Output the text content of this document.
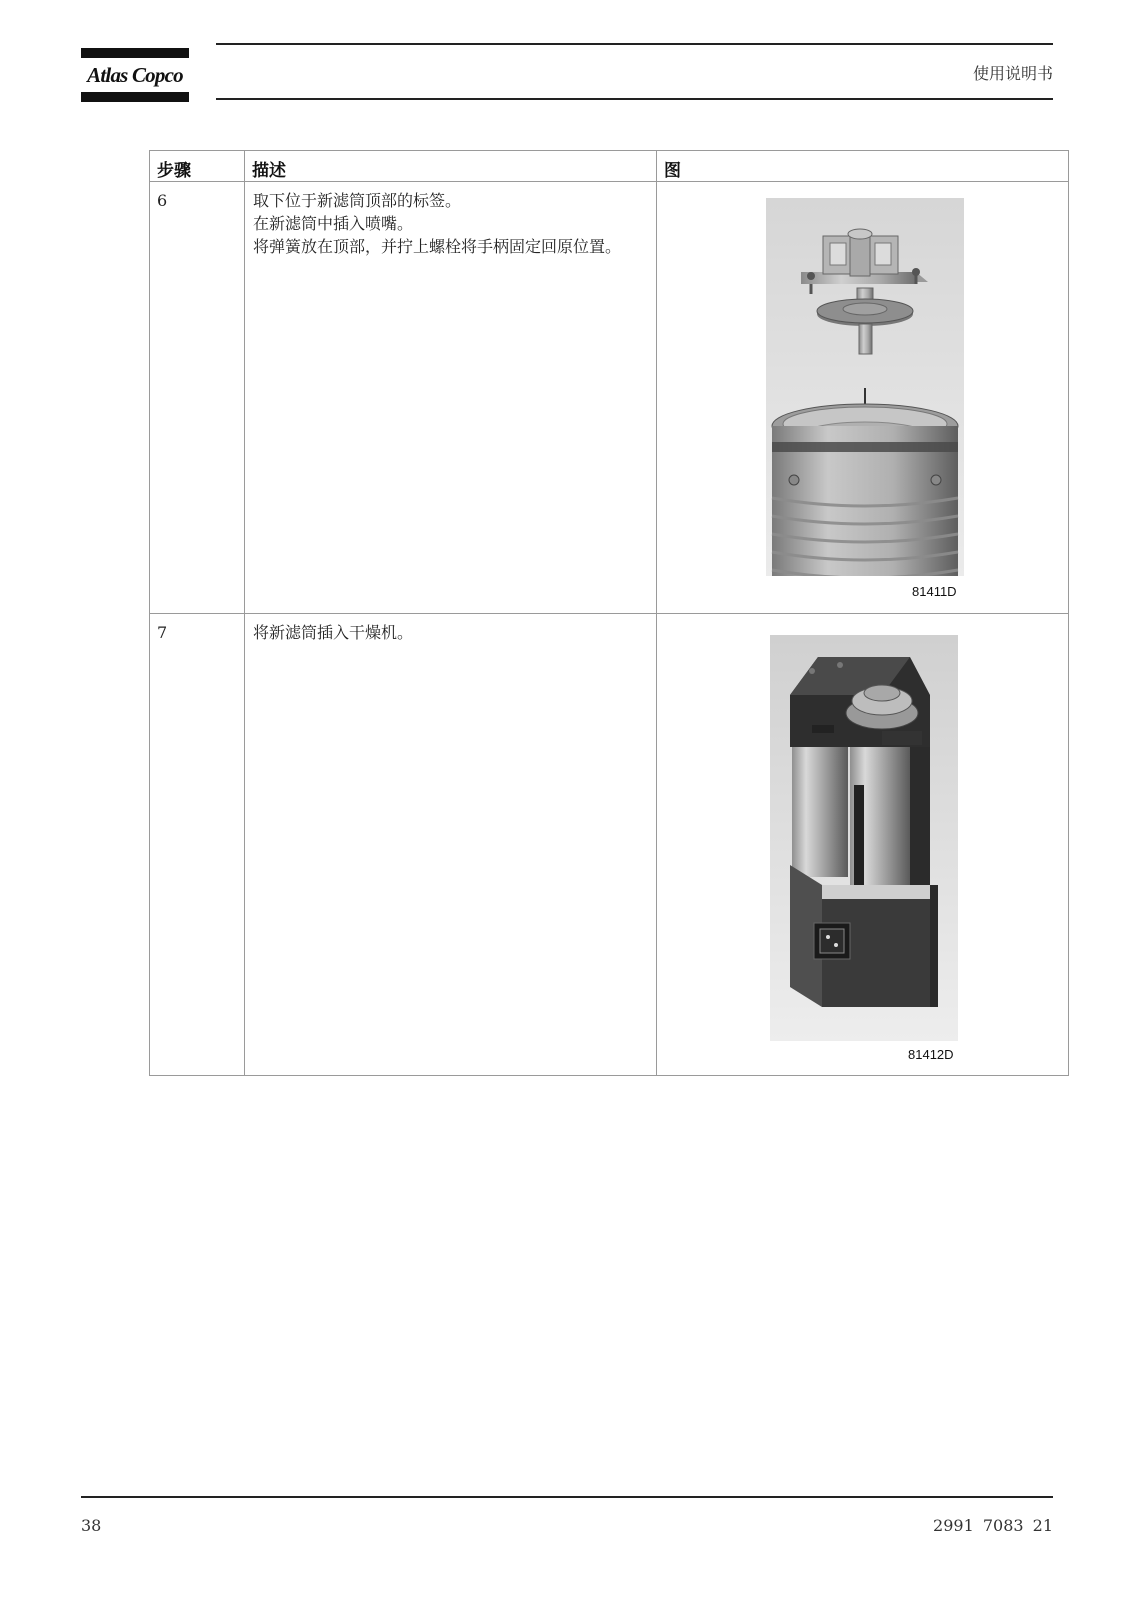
Atlas Copco	使用说明书
步骤	描述	图
6	取下位于新滤筒顶部的标签。
在新滤筒中插入喷嘴。
将弹簧放在顶部，并拧上螺栓将手柄固定回原位置。	81411D

7	将新滤筒插入干燥机。	81412D
38	2991 7083 21
